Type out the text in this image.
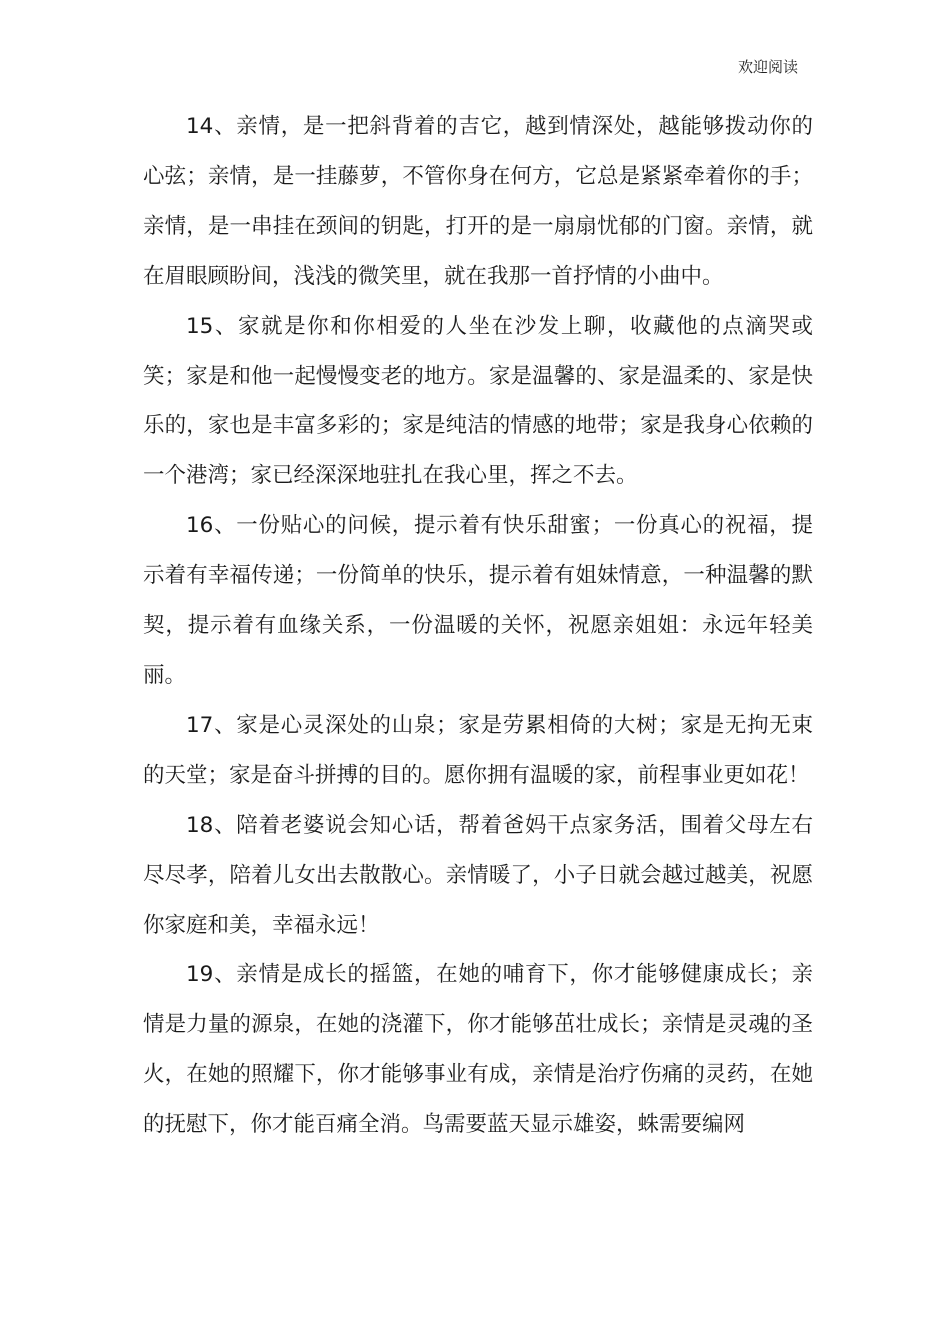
欢迎阅读

14、亲情，是一把斜背着的吉它，越到情深处，越能够拨动你的心弦；亲情，是一挂藤萝，不管你身在何方，它总是紧紧牵着你的手；亲情，是一串挂在颈间的钥匙，打开的是一扇扇忧郁的门窗。亲情，就在眉眼顾盼间，浅浅的微笑里，就在我那一首抒情的小曲中。

15、家就是你和你相爱的人坐在沙发上聊，收藏他的点滴哭或笑；家是和他一起慢慢变老的地方。家是温馨的、家是温柔的、家是快乐的，家也是丰富多彩的；家是纯洁的情感的地带；家是我身心依赖的一个港湾；家已经深深地驻扎在我心里，挥之不去。

16、一份贴心的问候，提示着有快乐甜蜜；一份真心的祝福，提示着有幸福传递；一份简单的快乐，提示着有姐妹情意，一种温馨的默契，提示着有血缘关系，一份温暖的关怀，祝愿亲姐姐：永远年轻美丽。

17、家是心灵深处的山泉；家是劳累相倚的大树；家是无拘无束的天堂；家是奋斗拼搏的目的。愿你拥有温暖的家，前程事业更如花！

18、陪着老婆说会知心话，帮着爸妈干点家务活，围着父母左右尽尽孝，陪着儿女出去散散心。亲情暖了，小子日就会越过越美，祝愿你家庭和美，幸福永远！

19、亲情是成长的摇篮，在她的哺育下，你才能够健康成长；亲情是力量的源泉，在她的浇灌下，你才能够茁壮成长；亲情是灵魂的圣火，在她的照耀下，你才能够事业有成，亲情是治疗伤痛的灵药，在她的抚慰下，你才能百痛全消。鸟需要蓝天显示雄姿，蛛需要编网
